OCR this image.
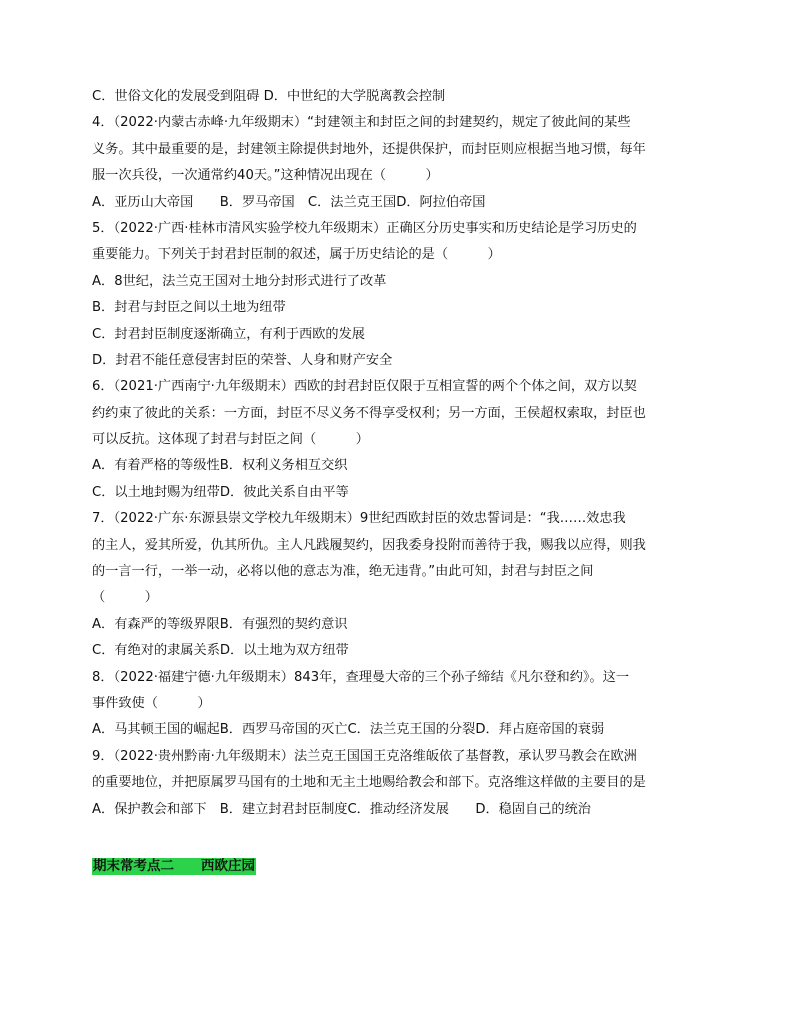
C．世俗文化的发展受到阻碍 D．中世纪的大学脱离教会控制
4．（2022·内蒙古赤峰·九年级期末）“封建领主和封臣之间的封建契约，规定了彼此间的某些
义务。其中最重要的是，封建领主除提供封地外，还提供保护，而封臣则应根据当地习惯，每年
服一次兵役，一次通常约40天。”这种情况出现在（　　　）
A．亚历山大帝国　　B．罗马帝国　C．法兰克王国D．阿拉伯帝国
5．（2022·广西·桂林市清风实验学校九年级期末）正确区分历史事实和历史结论是学习历史的
重要能力。下列关于封君封臣制的叙述，属于历史结论的是（　　　）
A．8世纪，法兰克王国对土地分封形式进行了改革
B．封君与封臣之间以土地为纽带
C．封君封臣制度逐渐确立，有利于西欧的发展
D．封君不能任意侵害封臣的荣誉、人身和财产安全
6．（2021·广西南宁·九年级期末）西欧的封君封臣仅限于互相宣誓的两个个体之间，双方以契
约约束了彼此的关系：一方面，封臣不尽义务不得享受权利；另一方面，王侯超权索取，封臣也
可以反抗。这体现了封君与封臣之间（　　　）
A．有着严格的等级性B．权利义务相互交织
C．以土地封赐为纽带D．彼此关系自由平等
7．（2022·广东·东源县崇文学校九年级期末）9世纪西欧封臣的效忠誓词是：“我……效忠我
的主人，爱其所爱，仇其所仇。主人凡践履契约，因我委身投附而善待于我，赐我以应得，则我
的一言一行，一举一动，必将以他的意志为准，绝无违背。”由此可知，封君与封臣之间
（　　　）
A．有森严的等级界限B．有强烈的契约意识
C．有绝对的隶属关系D．以土地为双方纽带
8．（2022·福建宁德·九年级期末）843年，查理曼大帝的三个孙子缔结《凡尔登和约》。这一
事件致使（　　　）
A．马其顿王国的崛起B．西罗马帝国的灭亡C．法兰克王国的分裂D．拜占庭帝国的衰弱
9．（2022·贵州黔南·九年级期末）法兰克王国国王克洛维皈依了基督教，承认罗马教会在欧洲
的重要地位，并把原属罗马国有的土地和无主土地赐给教会和部下。克洛维这样做的主要目的是
A．保护教会和部下　B．建立封君封臣制度C．推动经济发展　　D．稳固自己的统治
期末常考点二　　西欧庄园
